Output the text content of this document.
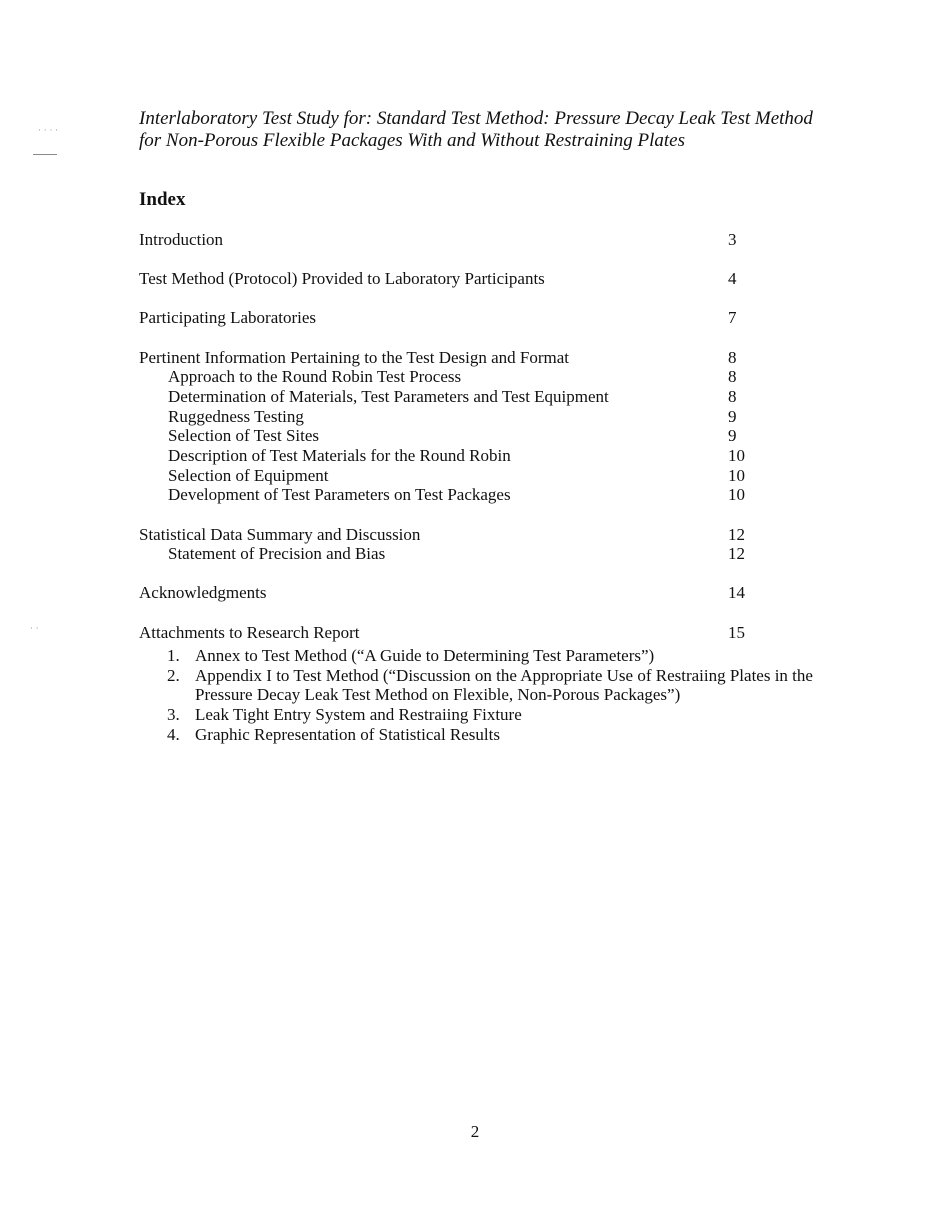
· · · ·
· ·
Interlaboratory Test Study for: Standard Test Method: Pressure Decay Leak Test Method
for Non-Porous Flexible Packages With and Without Restraining Plates
Index
Introduction	3
Test Method (Protocol) Provided to Laboratory Participants	4
Participating Laboratories	7
Pertinent Information Pertaining to the Test Design and Format	8
Approach to the Round Robin Test Process	8
Determination of Materials, Test Parameters and Test Equipment	8
Ruggedness Testing	9
Selection of Test Sites	9
Description of Test Materials for the Round Robin	10
Selection of Equipment	10
Development of Test Parameters on Test Packages	10
Statistical Data Summary and Discussion	12
Statement of Precision and Bias	12
Acknowledgments	14
Attachments to Research Report	15
1. Annex to Test Method (“A Guide to Determining Test Parameters”)
2. Appendix I to Test Method (“Discussion on the Appropriate Use of Restraiing Plates in the
Pressure Decay Leak Test Method on Flexible, Non-Porous Packages”)
3. Leak Tight Entry System and Restraiing Fixture
4. Graphic Representation of Statistical Results
2
